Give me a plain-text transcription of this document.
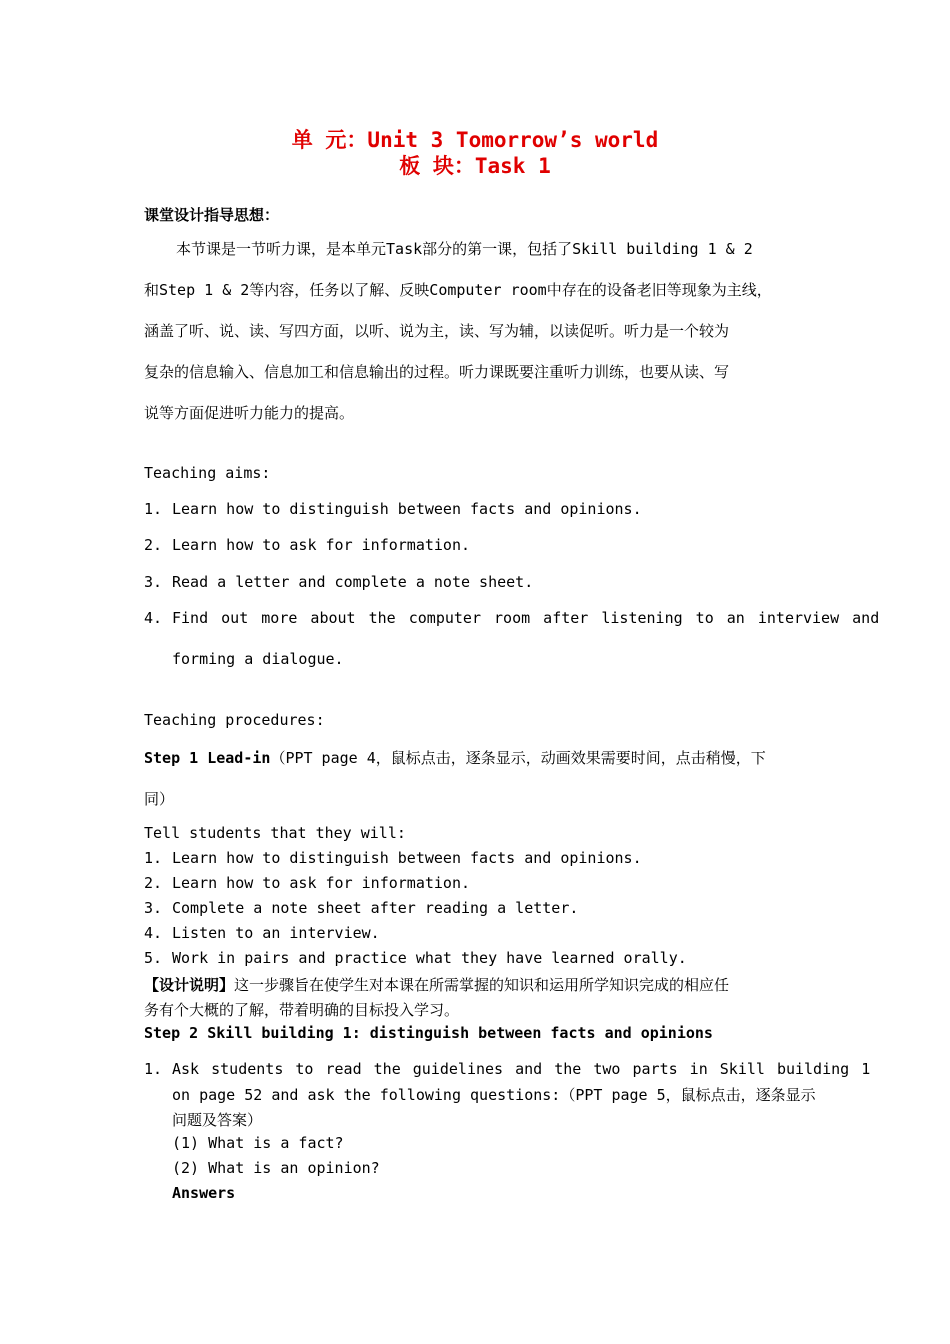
单 元：Unit 3 Tomorrow’s world
板 块：Task 1
课堂设计指导思想：
本节课是一节听力课，是本单元Task部分的第一课，包括了Skill building 1 & 2
和Step 1 & 2等内容，任务以了解、反映Computer room中存在的设备老旧等现象为主线，
涵盖了听、说、读、写四方面，以听、说为主，读、写为辅，以读促听。听力是一个较为
复杂的信息输入、信息加工和信息输出的过程。听力课既要注重听力训练，也要从读、写
说等方面促进听力能力的提高。
Teaching aims:
1. Learn how to distinguish between facts and opinions.
2. Learn how to ask for information.
3. Read a letter and complete a note sheet.
4. Find out more about the computer room after listening to an interview and
forming a dialogue.
Teaching procedures:
Step 1 Lead-in（PPT page 4，鼠标点击，逐条显示，动画效果需要时间，点击稍慢，下
同）
Tell students that they will:
1. Learn how to distinguish between facts and opinions.
2. Learn how to ask for information.
3. Complete a note sheet after reading a letter.
4. Listen to an interview.
5. Work in pairs and practice what they have learned orally.
【设计说明】这一步骤旨在使学生对本课在所需掌握的知识和运用所学知识完成的相应任
务有个大概的了解，带着明确的目标投入学习。
Step 2 Skill building 1: distinguish between facts and opinions
1. Ask students to read the guidelines and the two parts in Skill building 1
on page 52 and ask the following questions:（PPT page 5，鼠标点击，逐条显示
问题及答案）
(1) What is a fact?
(2) What is an opinion?
Answers
